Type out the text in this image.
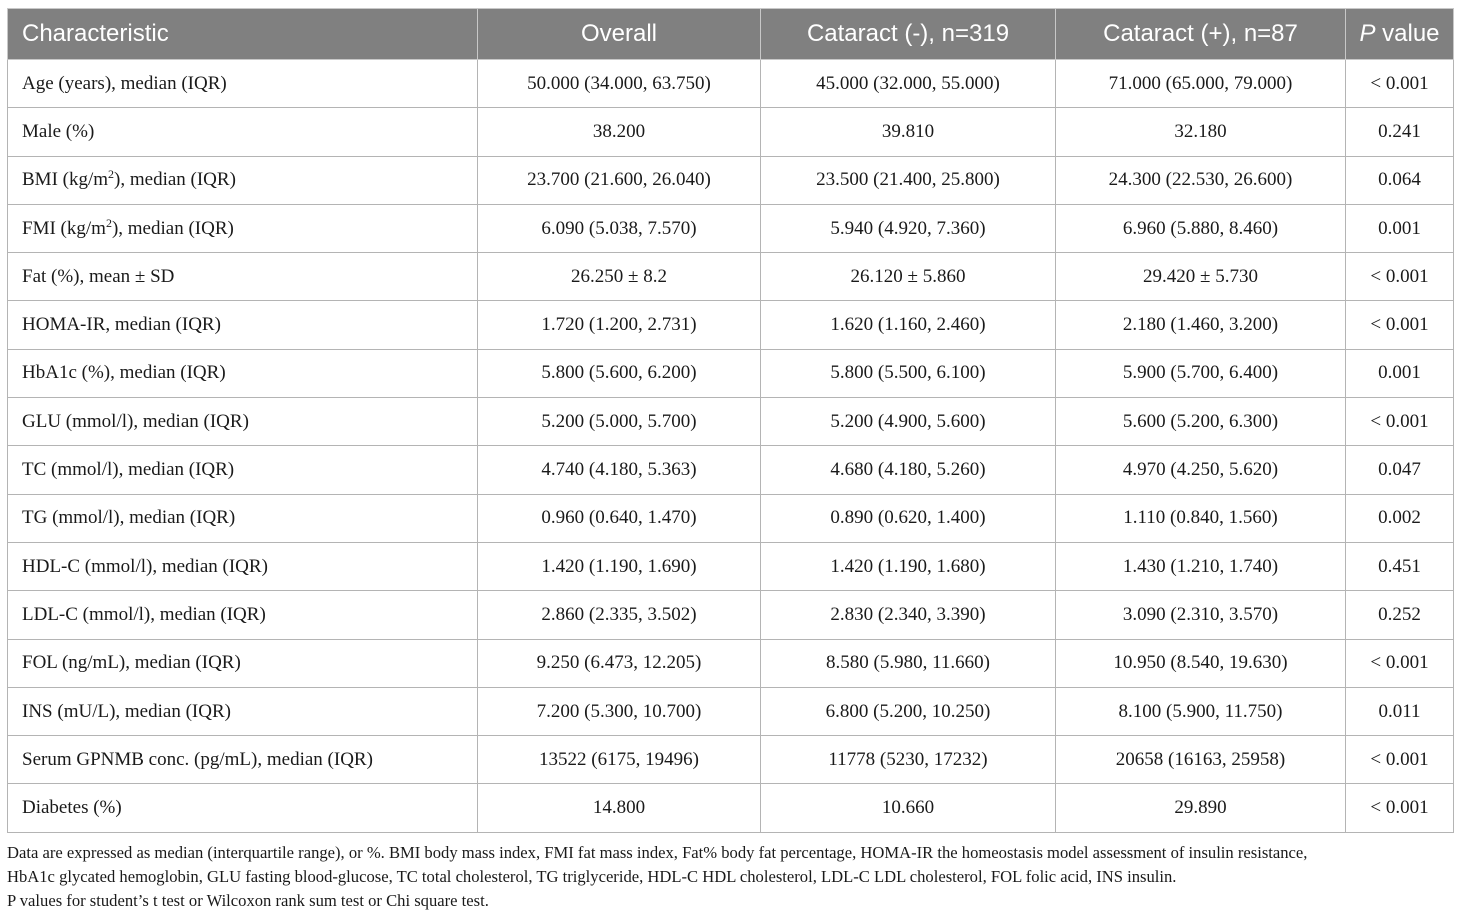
Characteristic	Overall	Cataract (-), n=319	Cataract (+), n=87	P value
Age (years), median (IQR)	50.000 (34.000, 63.750)	45.000 (32.000, 55.000)	71.000 (65.000, 79.000)	< 0.001
Male (%)	38.200	39.810	32.180	0.241
BMI $(kg/m^2)$, median (IQR)	23.700 (21.600, 26.040)	23.500 (21.400, 25.800)	24.300 (22.530, 26.600)	0.064
FMI $(kg/m^2)$, median (IQR)	6.090 (5.038, 7.570)	5.940 (4.920, 7.360)	6.960 (5.880, 8.460)	0.001
Fat (%), mean ± SD	26.250 ± 8.2	26.120 ± 5.860	29.420 ± 5.730	< 0.001
HOMA-IR, median (IQR)	1.720 (1.200, 2.731)	1.620 (1.160, 2.460)	2.180 (1.460, 3.200)	< 0.001
HbA1c (%), median (IQR)	5.800 (5.600, 6.200)	5.800 (5.500, 6.100)	5.900 (5.700, 6.400)	0.001
GLU (mmol/l), median (IQR)	5.200 (5.000, 5.700)	5.200 (4.900, 5.600)	5.600 (5.200, 6.300)	< 0.001
TC (mmol/l), median (IQR)	4.740 (4.180, 5.363)	4.680 (4.180, 5.260)	4.970 (4.250, 5.620)	0.047
TG (mmol/l), median (IQR)	0.960 (0.640, 1.470)	0.890 (0.620, 1.400)	1.110 (0.840, 1.560)	0.002
HDL-C (mmol/l), median (IQR)	1.420 (1.190, 1.690)	1.420 (1.190, 1.680)	1.430 (1.210, 1.740)	0.451
LDL-C (mmol/l), median (IQR)	2.860 (2.335, 3.502)	2.830 (2.340, 3.390)	3.090 (2.310, 3.570)	0.252
FOL (ng/mL), median (IQR)	9.250 (6.473, 12.205)	8.580 (5.980, 11.660)	10.950 (8.540, 19.630)	< 0.001
INS (mU/L), median (IQR)	7.200 (5.300, 10.700)	6.800 (5.200, 10.250)	8.100 (5.900, 11.750)	0.011
Serum GPNMB conc. (pg/mL), median (IQR)	13522 (6175, 19496)	11778 (5230, 17232)	20658 (16163, 25958)	< 0.001
Diabetes (%)	14.800	10.660	29.890	< 0.001

Data are expressed as median (interquartile range), or %. BMI body mass index, FMI fat mass index, Fat% body fat percentage, HOMA-IR the homeostasis model assessment of insulin resistance,

HbA1c glycated hemoglobin, GLU fasting blood-glucose, TC total cholesterol, TG triglyceride, HDL-C HDL cholesterol, LDL-C LDL cholesterol, FOL folic acid, INS insulin.

P values for student’s t test or Wilcoxon rank sum test or Chi square test.
